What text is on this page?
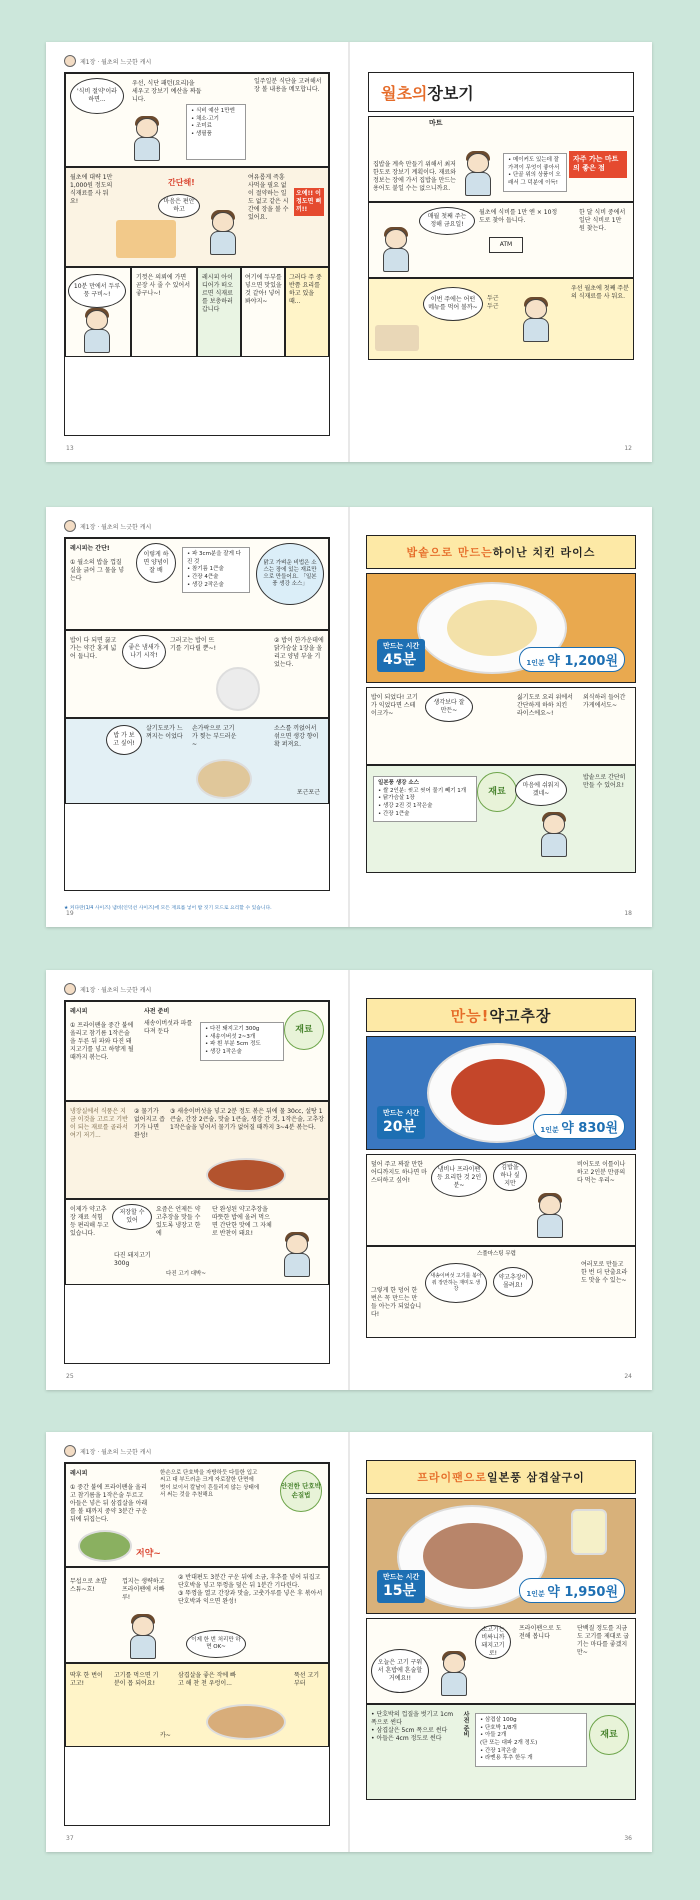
제1장 · 월초의 느긋한 캐시
'식비 절약'이라 하면...
우선, 식단 패턴(요리)을 세우고 장보기 예산을 짜둡니다.
• 식비 예산 1만엔
• 채소·고기
• 조미료
• 생필품
일주일분 식단을 고려해서 장 볼 내용을 메모합니다.
월초에 대략 1만1,000원 정도의 식재료를 사 둬요!
간단해!
마음은 편안하고
여유롭게 즉흥 사먹을 필요 없이 절약하는 일도 없고 같은 시간에 장을 볼 수 있어요.
오예!! 이 정도면 뻐끼!!
10분 만에서 두루뭉 구비~!
기껏은 의뢰에 가면 곧장 사 줄 수 있어서 좋구나~!
레시피 아이디어가 떠오르면 식재료를 보충하러 갑니다
여기에 두부를 넣으면 맛있을 것 같아! 넣어 봐야지~
그러다 주 중반쯤 요리를 하고 있을 때...
13
월초의 장보기
마트
집밥을 계속 만들기 위해서 최저 한도로 장보기 계획이다. 재료와 정보는 장에 가서 집밥을 만드는 용어도 붙일 수는 없으니까요.
• 메이커도 있는데 잘 가격이 무엇이 좋아서
• 단골 위의 상품이 오래서 그 덕분에 이득!
자주 가는 마트의 좋은 점
매월 첫째 주는 정해 금요일!
월초에 식비를 1만 엔 × 10정도로 찾아 둡니다.
ATM
한 달 식비 중에서 일단 식비로 1만 원 찾는다.
이번 주에는 어떤 메뉴를 먹어 볼까~
두근 두근
우선 월초에 첫째 주분의 식재료를 사 둬요.
12
제1장 · 월초의 느긋한 캐시
레시피는 간단!
① 월소의 밥을 껍질 실을 긁어 그 물을 넣는다
이렇게 하면 양념이 잘 배
• 파 3cm분을 잘게 다진 것
• 참기름 1큰술
• 간장 4큰술
• 생강 2작은술
맑고 가벼운 비법은 소스는 장에 있는 재료만으로 만들어요. 「일본풍 생강 소스」
밥이 다 되면 끓고 가는 약간 홍게 넓어 둡니다.
좋은 냄새가 나기 시작!
그러고는 밥이 뜨기를 기다릴 뿐~!
② 밥이 한가운데에 닭가슴살 1장을 올리고 양념 부을 기었는다.
밥 가 보고 싶어!
살기도로가 느껴지는 이었다
손가락으로 고기가 찢는 부드러운~
소스를 끼얹어서 섞으면 생강 향이 확 퍼져요.
포근포근
★ 커다란(1/4 사이즈) 냄비(인덕션 사이즈)에 모든 재료를 넣어 밥 짓기 모드로 요리할 수 있습니다.
19
밥솥으로 만드는 하이난 치킨 라이스
만드는 시간
45분	1인분 약 1,200원
밥이 되었다! 고기가 익었다면 스테이크가~
생각보다 잘 만든~
싫기도로 요리 위에서 간단하게 하하 치킨 라이스에요~!
외식하러 들어간 가게에서도~
일본풍 생강 소스
• 쌀 2인분: 씻고 씻어 물기 빼기 1개
• 닭가슴살 1장
• 생강 2진 것 1작은술
• 간장 1큰술
재료
마음에 쉬워지겠네~
밥솥으로 간단히 만들 수 있어요!
18
제1장 · 월초의 느긋한 캐시
레시피
① 프라이팬을 중간 불에 올리고 참기름 1작은술을 두른 뒤 파와 다진 돼지고기를 넣고 하얗게 될 때까지 볶는다.
사전 준비
새송이버섯과 파를 다져 둔다	• 다진 돼지고기 300g
• 새송이버섯 2~3개
• 파 흰 부분 5cm 정도
• 생강 1작은술
재료
냉장실에서 식품은 지금 이것을 고르고 기반이 되는 재료를 골라서 여기 저기...
② 물기가 없어지고 즙기가 나면 완성!
③ 새송이버섯을 넣고 2분 정도 볶은 뒤에 물 30cc, 설탕 1큰술, 간장 2큰술, 맛술 1큰술, 생강 간 것, 1작은술, 고추장 1작은술을 넣어서 물기가 없어질 때까지 3~4분 볶는다.
이제가 약고추장 재료 석힘 등 편리해 두고 있습니다.
저장할 수 있어
요즘은 언제든 약고추장을 맛들 수 있도록 냉장고 한에
단 완성된 약고추장을 따뜻한 밥에 올려 먹으면 간단한 맛에 그 자체로 반찬이 돼요!
다진 돼지고기 300g
다진 고기 대박~
25
만능! 약고추장
만드는 시간
20분	1인분 약 830원
덮어 주고 짜잘 만한 어디까지도 하나면 마스터하고 싶어!
냄비나 프라이팬 등 요리한 것 2인분~
김밥을 하나 싶지만
비어도로 이틀이나 하고 2인분 만큼의 다 먹는 우리~
그렇게 한 덩어 한 번은 꼭 만드는 만들 아는가 되었습니다!
스풀마스팅 무렵
새송이버섯 고기를 볶아줘 장만하는 재미도 생강
약고추장이 몰려요!
여러모로 만들고 한 번 더 단출요라도 맛을 수 있는~
24
제1장 · 월초의 느긋한 캐시
레시피
① 중간 불에 프라이팬을 올리고 참기름을 1작은술 두르고 아들은 넣은 뒤 삼겹살을 아래를 볼 때까지 중약 3분간 구운 뒤에 뒤집는다.
한손으로 단호박을 자방하듯 다들한 입고 씨고 대 부드러운 크게 자로잘한 단면에 벗이 보이서 칼날이 흔들리지 않는 상태에서 써는 것을 추천해요
안전한 단호박 손질법
저약~
무섭으로 초발 스튜~흐!
껍지는 생략하고 프라이팬에 서빠루!
② 반대편도 3분간 구운 뒤에 소금, 후추를 넣어 뒤집고 단호박을 넣고 뚜껑을 덮은 뒤 1분간 기다린다.
③ 뚜껑을 열고 간장과 맛술, 고춧가루를 넣은 후 볶아서 단호박과 익으면 완성!
이제 한 번 처리만 하면 OK~
딱후 한 번이 고고!
고기를 먹으면 기분이 몹 되어요!
삼겹살을 좋은 작에 빠고 해 찬 천 우렁이...
뚝선 고기부터
카~
37
프라이팬으로 일본풍 삼겹살구이
만드는 시간
15분	1인분 약 1,950원
오늘은 고기 구워서 혼밥에 혼술할 거예요!!
소고기는 비싸니까 돼지고기로!
프라이팬으로 도전해 봅니다
단백질 정도를 지금도 고기를 제대로 굽기는 마다를 좋겠지만~
• 단호박의 껍질을 벗기고 1cm 폭으로 썬다
• 삼겹살은 5cm 폭으로 썬다
• 아들은 4cm 정도로 썬다
사전 준비 • 삼겹살 100g
• 단호박 1/8개
• 아들 2개
(단 또는 대파 2개 정도)
• 간장 1작은술
• 라멘용 후추 한두 개
재료
36
